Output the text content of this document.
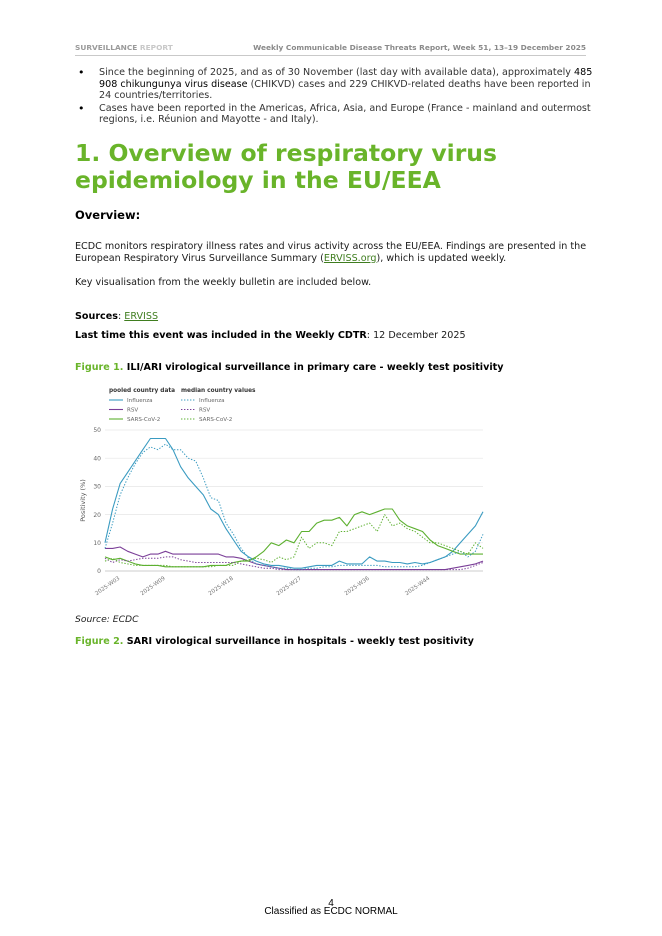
SURVEILLANCE REPORT	Weekly Communicable Disease Threats Report, Week 51, 13–19 December 2025
• Since the beginning of 2025, and as of 30 November (last day with available data), approximately 485 908 chikungunya virus disease (CHIKVD) cases and 229 CHIKVD-related deaths have been reported in 24 countries/territories.
• Cases have been reported in the Americas, Africa, Asia, and Europe (France - mainland and outermost regions, i.e. Réunion and Mayotte - and Italy).
1. Overview of respiratory virus epidemiology in the EU/EEA
Overview:
ECDC monitors respiratory illness rates and virus activity across the EU/EEA. Findings are presented in the European Respiratory Virus Surveillance Summary (ERVISS.org), which is updated weekly.
Key visualisation from the weekly bulletin are included below.
Sources: ERVISS
Last time this event was included in the Weekly CDTR: 12 December 2025
Figure 1. ILI/ARI virological surveillance in primary care - weekly test positivity
0
10
20
30
40
50
Positivity (%)
2025-W03	2025-W09	2025-W18	2025-W27	2025-W36	2025-W44
pooled country data
Influenza
RSV
SARS-CoV-2
median country values
Influenza
RSV
SARS-CoV-2
Source: ECDC
Figure 2. SARI virological surveillance in hospitals - weekly test positivity
4
Classified as ECDC NORMAL
